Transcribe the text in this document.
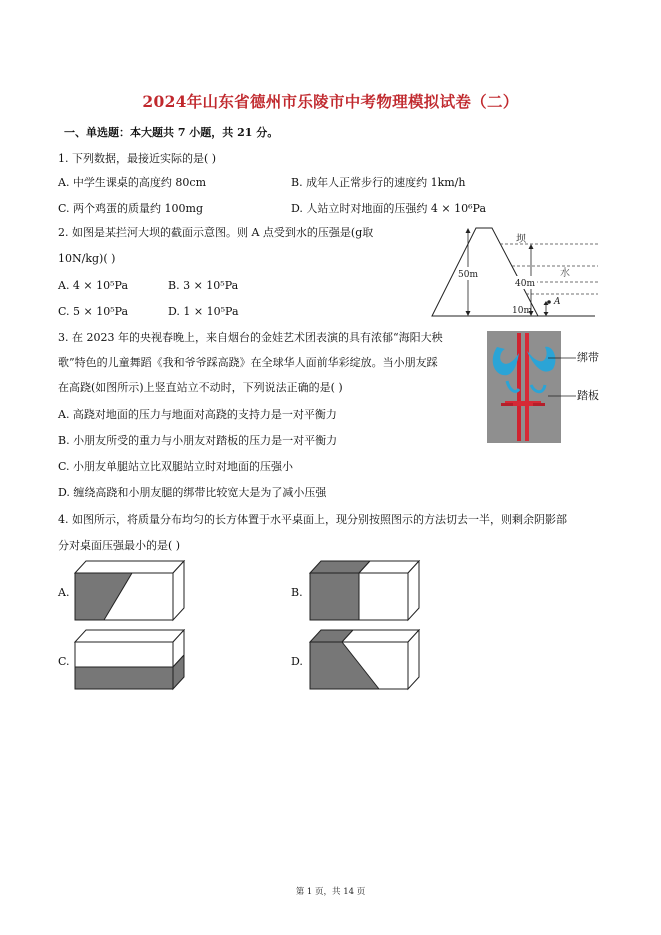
2024年山东省德州市乐陵市中考物理模拟试卷（二）
一、单选题：本大题共 7 小题，共 21 分。
1. 下列数据，最接近实际的是( )
A. 中学生课桌的高度约 80cm	B. 成年人正常步行的速度约 1km/h
C. 两个鸡蛋的质量约 100mg	D. 人站立时对地面的压强约 4 × 10⁶Pa
2. 如图是某拦河大坝的截面示意图。则 A 点受到水的压强是(g取
10N/kg)( )
A. 4 × 10⁵Pa	B. 3 × 10⁵Pa
C. 5 × 10⁵Pa	D. 1 × 10⁵Pa
50m
40m
10m
A
坝
水
3. 在 2023 年的央视春晚上，来自烟台的金娃艺术团表演的具有浓郁“海阳大秧
歌”特色的儿童舞蹈《我和爷爷踩高跷》在全球华人面前华彩绽放。当小朋友踩
在高跷(如图所示)上竖直站立不动时，下列说法正确的是( )
A. 高跷对地面的压力与地面对高跷的支持力是一对平衡力
B. 小朋友所受的重力与小朋友对踏板的压力是一对平衡力
C. 小朋友单腿站立比双腿站立时对地面的压强小
D. 缠绕高跷和小朋友腿的绑带比较宽大是为了减小压强
绑带
踏板
4. 如图所示，将质量分布均匀的长方体置于水平桌面上，现分别按照图示的方法切去一半，则剩余阴影部
分对桌面压强最小的是( )
A.	B.
C.	D.
第 1 页，共 14 页
